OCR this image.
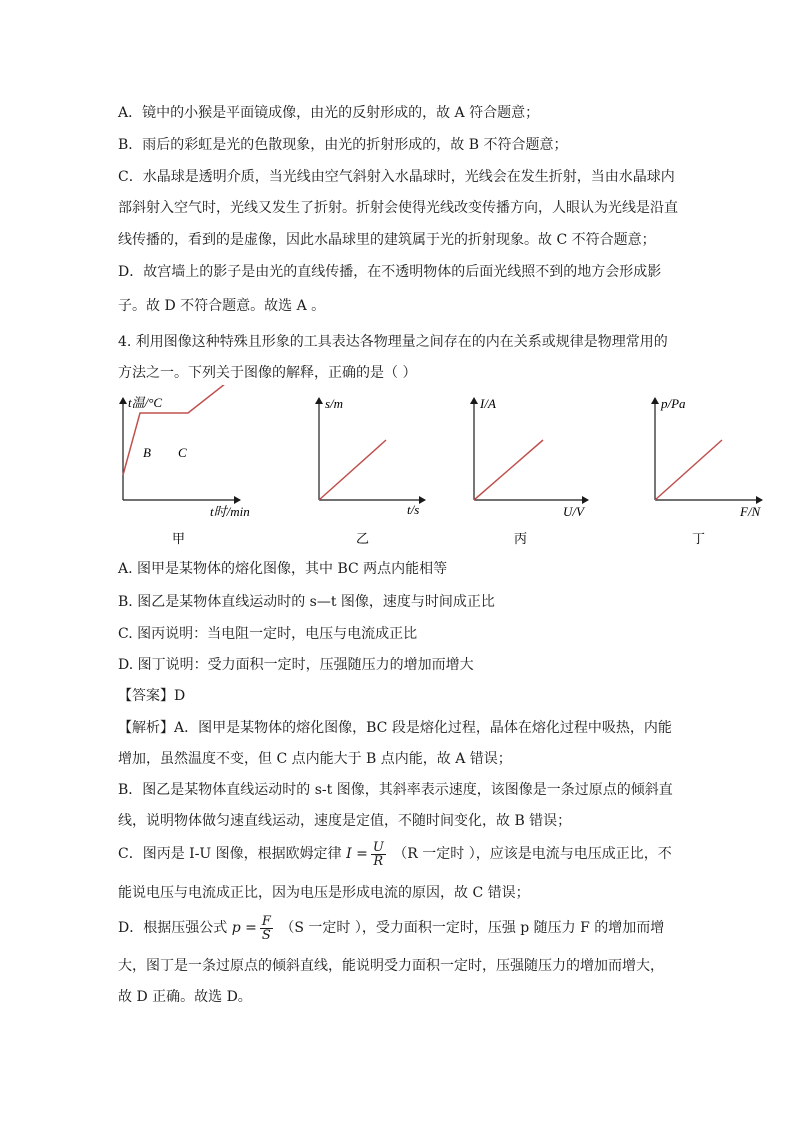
A．镜中的小猴是平面镜成像，由光的反射形成的，故 A 符合题意；
B．雨后的彩虹是光的色散现象，由光的折射形成的，故 B 不符合题意；
C．水晶球是透明介质，当光线由空气斜射入水晶球时，光线会在发生折射，当由水晶球内
部斜射入空气时，光线又发生了折射。折射会使得光线改变传播方向，人眼认为光线是沿直
线传播的，看到的是虚像，因此水晶球里的建筑属于光的折射现象。故 C 不符合题意；
D．故宫墙上的影子是由光的直线传播，在不透明物体的后面光线照不到的地方会形成影
子。故 D 不符合题意。故选 A 。
4. 利用图像这种特殊且形象的工具表达各物理量之间存在的内在关系或规律是物理常用的
方法之一。下列关于图像的解释，正确的是（ ）
t温/°C
t时/min
B C
甲
s/m
t/s
乙
I/A
U/V
丙
p/Pa
F/N
丁
A. 图甲是某物体的熔化图像，其中 BC 两点内能相等
B. 图乙是某物体直线运动时的 s—t 图像，速度与时间成正比
C. 图丙说明：当电阻一定时，电压与电流成正比
D. 图丁说明：受力面积一定时，压强随压力的增加而增大
【答案】D
【解析】A．图甲是某物体的熔化图像，BC 段是熔化过程，晶体在熔化过程中吸热，内能
增加，虽然温度不变，但 C 点内能大于 B 点内能，故 A 错误；
B．图乙是某物体直线运动时的 s-t 图像，其斜率表示速度，该图像是一条过原点的倾斜直
线，说明物体做匀速直线运动，速度是定值，不随时间变化，故 B 错误；
C．图丙是 I-U 图像，根据欧姆定律 $I = \frac{U}{R} (R$ 一定时 ），应该是电流与电压成正比，不
能说电压与电流成正比，因为电压是形成电流的原因，故 C 错误；
D．根据压强公式 $p = \frac{F}{S} (S$ 一定时 ），受力面积一定时，压强 p 随压力 F 的增加而增
大，图丁是一条过原点的倾斜直线，能说明受力面积一定时，压强随压力的增加而增大，
故 D 正确。故选 D。
